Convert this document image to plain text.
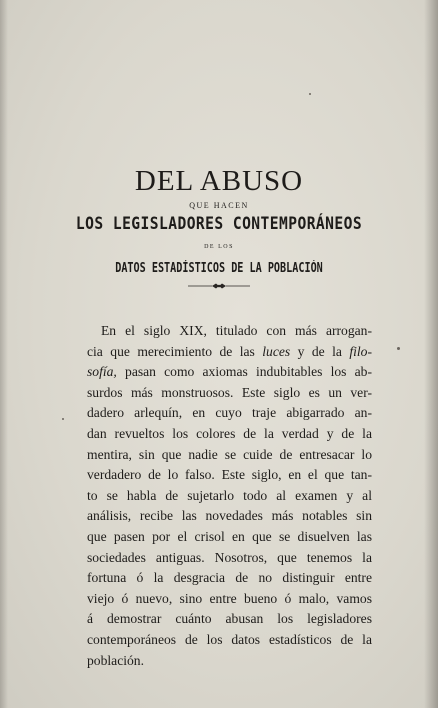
DEL ABUSO
QUE HACEN
LOS LEGISLADORES CONTEMPORÁNEOS
DE LOS
DATOS ESTADÍSTICOS DE LA POBLACIÓN
En el siglo XIX, titulado con más arrogan-
cia que merecimiento de las luces y de la filo-
sofía, pasan como axiomas indubitables los ab-
surdos más monstruosos. Este siglo es un ver-
dadero arlequín, en cuyo traje abigarrado an-
dan revueltos los colores de la verdad y de la
mentira, sin que nadie se cuide de entresacar lo
verdadero de lo falso. Este siglo, en el que tan-
to se habla de sujetarlo todo al examen y al
análisis, recibe las novedades más notables sin
que pasen por el crisol en que se disuelven las
sociedades antiguas. Nosotros, que tenemos la
fortuna ó la desgracia de no distinguir entre
viejo ó nuevo, sino entre bueno ó malo, vamos
á demostrar cuánto abusan los legisladores
contemporáneos de los datos estadísticos de la
población.
